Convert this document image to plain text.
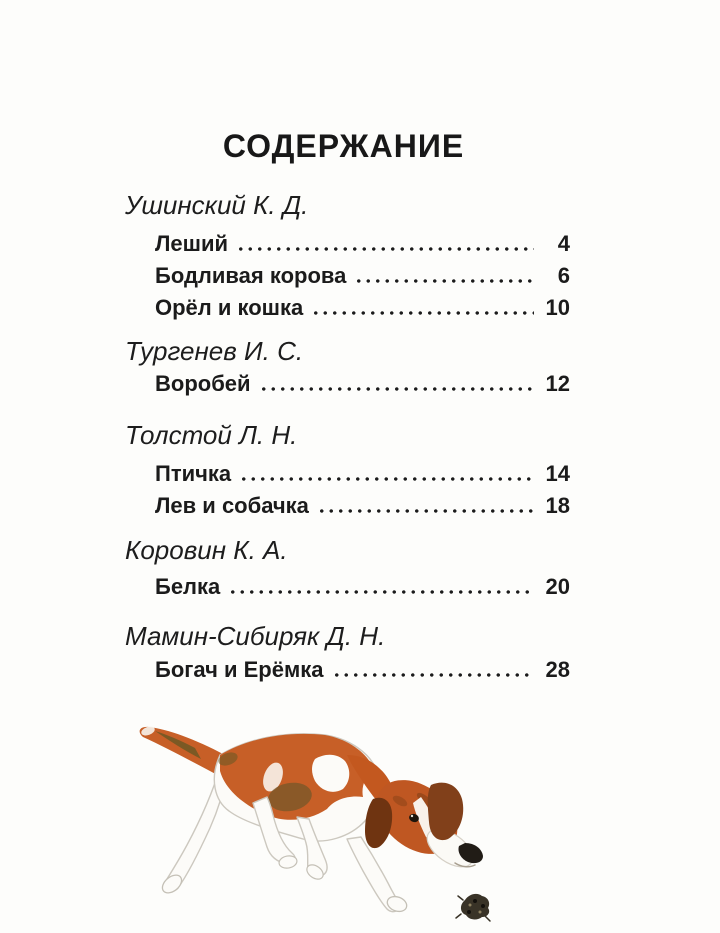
СОДЕРЖАНИЕ
Ушинский К. Д.
Леший	4
Бодливая корова	6
Орёл и кошка	10
Тургенев И. С.
Воробей	12
Толстой Л. Н.
Птичка	14
Лев и собачка	18
Коровин К. А.
Белка	20
Мамин-Сибиряк Д. Н.
Богач и Ерёмка	28
